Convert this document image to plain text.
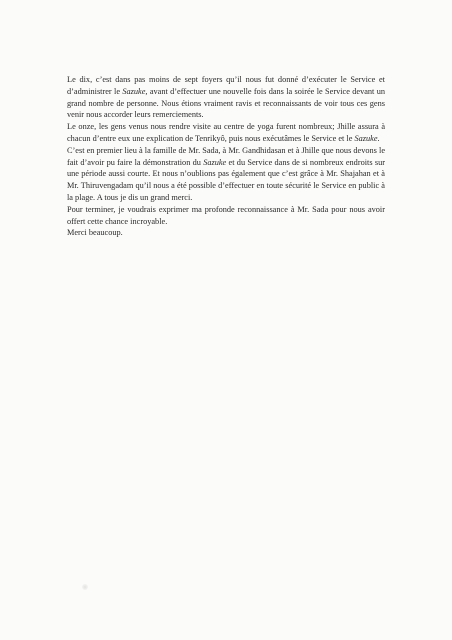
Le dix, c’est dans pas moins de sept foyers qu’il nous fut donné d’exécuter le Service et d’administrer le Sazuke, avant d’effectuer une nouvelle fois dans la soirée le Service devant un grand nombre de personne. Nous étions vraiment ravis et reconnaissants de voir tous ces gens venir nous accorder leurs remerciements.

Le onze, les gens venus nous rendre visite au centre de yoga furent nombreux; Jhille assura à chacun d’entre eux une explication de Tenrikyô, puis nous exécutâmes le Service et le Sazuke.

C’est en premier lieu à la famille de Mr. Sada, à Mr. Gandhidasan et à Jhille que nous devons le fait d’avoir pu faire la démonstration du Sazuke et du Service dans de si nombreux endroits sur une période aussi courte. Et nous n’oublions pas également que c’est grâce à Mr. Shajahan et à Mr. Thiruvengadam qu’il nous a été possible d’effectuer en toute sécurité le Service en public à la plage. A tous je dis un grand merci.

Pour terminer, je voudrais exprimer ma profonde reconnaissance à Mr. Sada pour nous avoir offert cette chance incroyable.

Merci beaucoup.
